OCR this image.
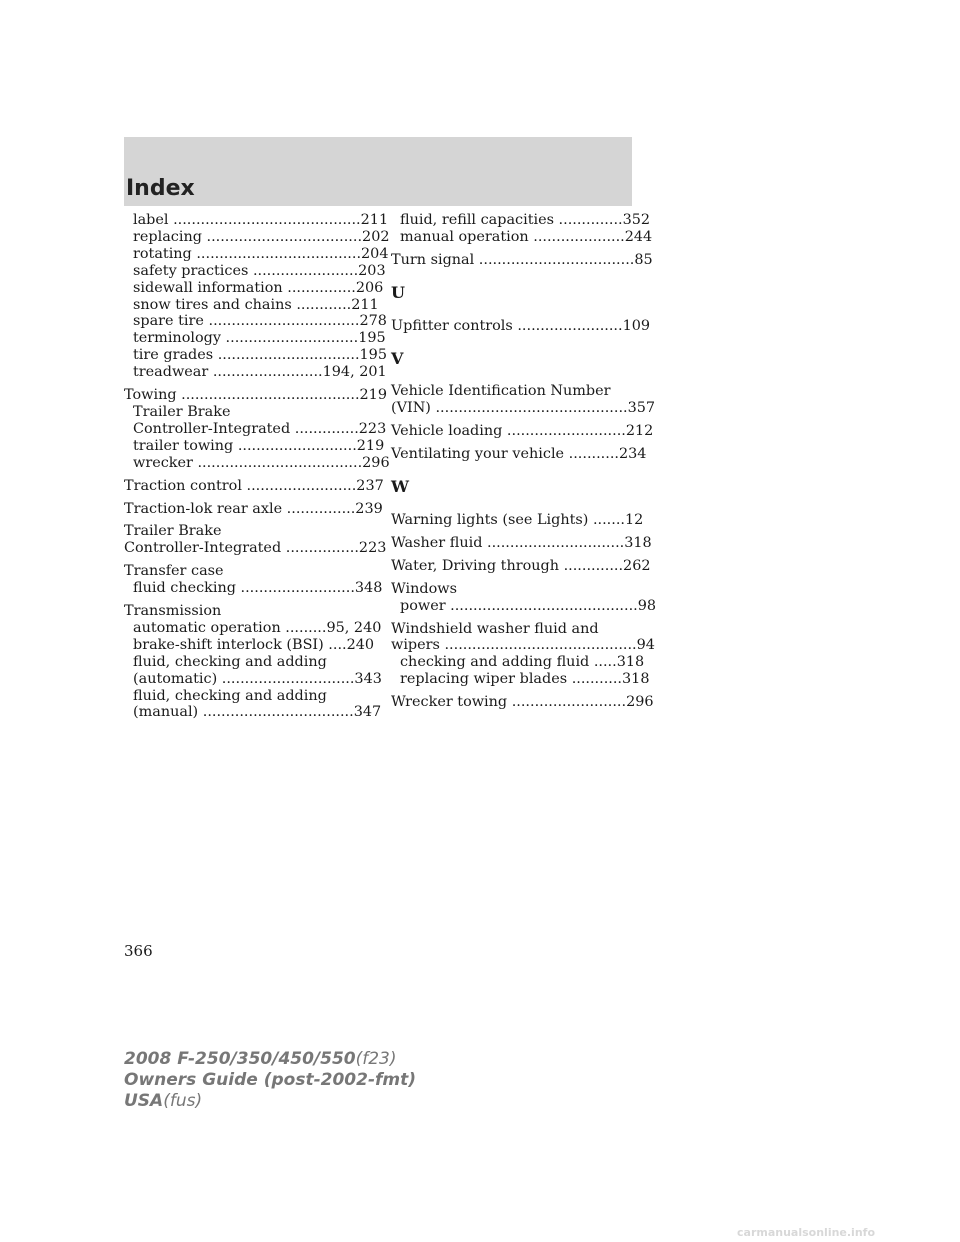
Index
label .........................................211
replacing ..................................202
rotating ....................................204
safety practices .......................203
sidewall information ...............206
snow tires and chains ............211
spare tire .................................278
terminology .............................195
tire grades ...............................195
treadwear ........................194, 201
Towing .......................................219
Trailer Brake
Controller-Integrated ..............223
trailer towing ..........................219
wrecker ....................................296
Traction control ........................237
Traction-lok rear axle ...............239
Trailer Brake
Controller-Integrated ................223
Transfer case
fluid checking .........................348
Transmission
automatic operation .........95, 240
brake-shift interlock (BSI) ....240
fluid, checking and adding
(automatic) .............................343
fluid, checking and adding
(manual) .................................347
fluid, refill capacities ..............352
manual operation ....................244
Turn signal ..................................85
U
Upfitter controls .......................109
V
Vehicle Identification Number
(VIN) ..........................................357
Vehicle loading ..........................212
Ventilating your vehicle ...........234
W
Warning lights (see Lights) .......12
Washer fluid ..............................318
Water, Driving through .............262
Windows
power .........................................98
Windshield washer fluid and
wipers ..........................................94
checking and adding fluid .....318
replacing wiper blades ...........318
Wrecker towing .........................296
366
2008 F-250/350/450/550(f23)
Owners Guide (post-2002-fmt)
USA(fus)
carmanualsonline.info
